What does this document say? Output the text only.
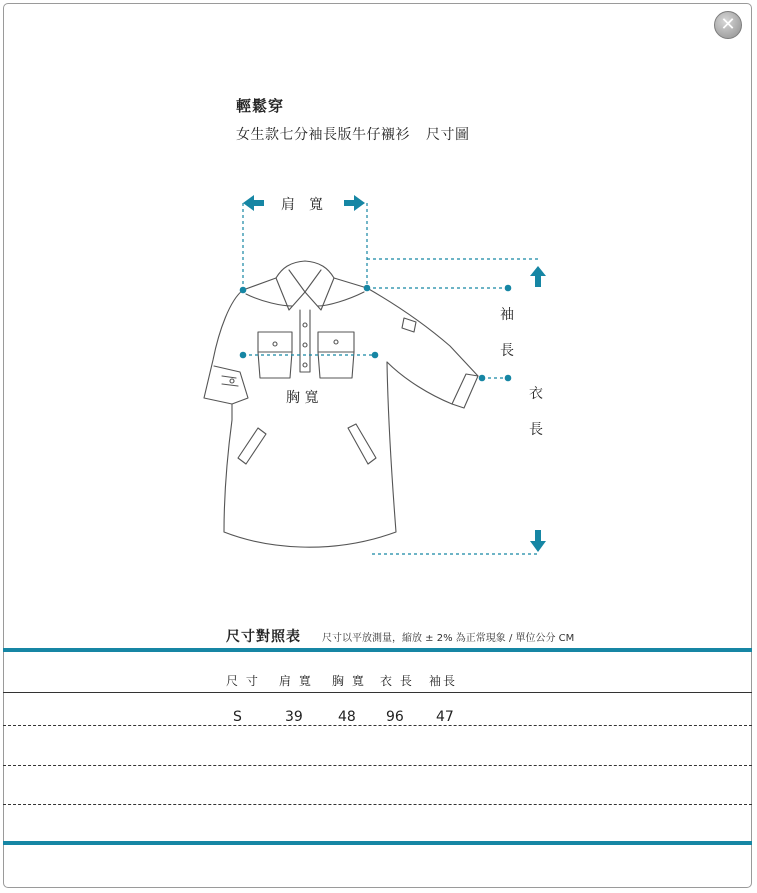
✕
輕鬆穿
女生款七分袖長版牛仔襯衫 尺寸圖
肩　寬
胸 寬
袖
長
衣
長
尺寸對照表 尺寸以平放測量，縮放 ± 2% 為正常現象 / 單位公分 CM
尺 寸 肩 寬 胸 寬 衣 長 袖長
S	39	48 96 47
